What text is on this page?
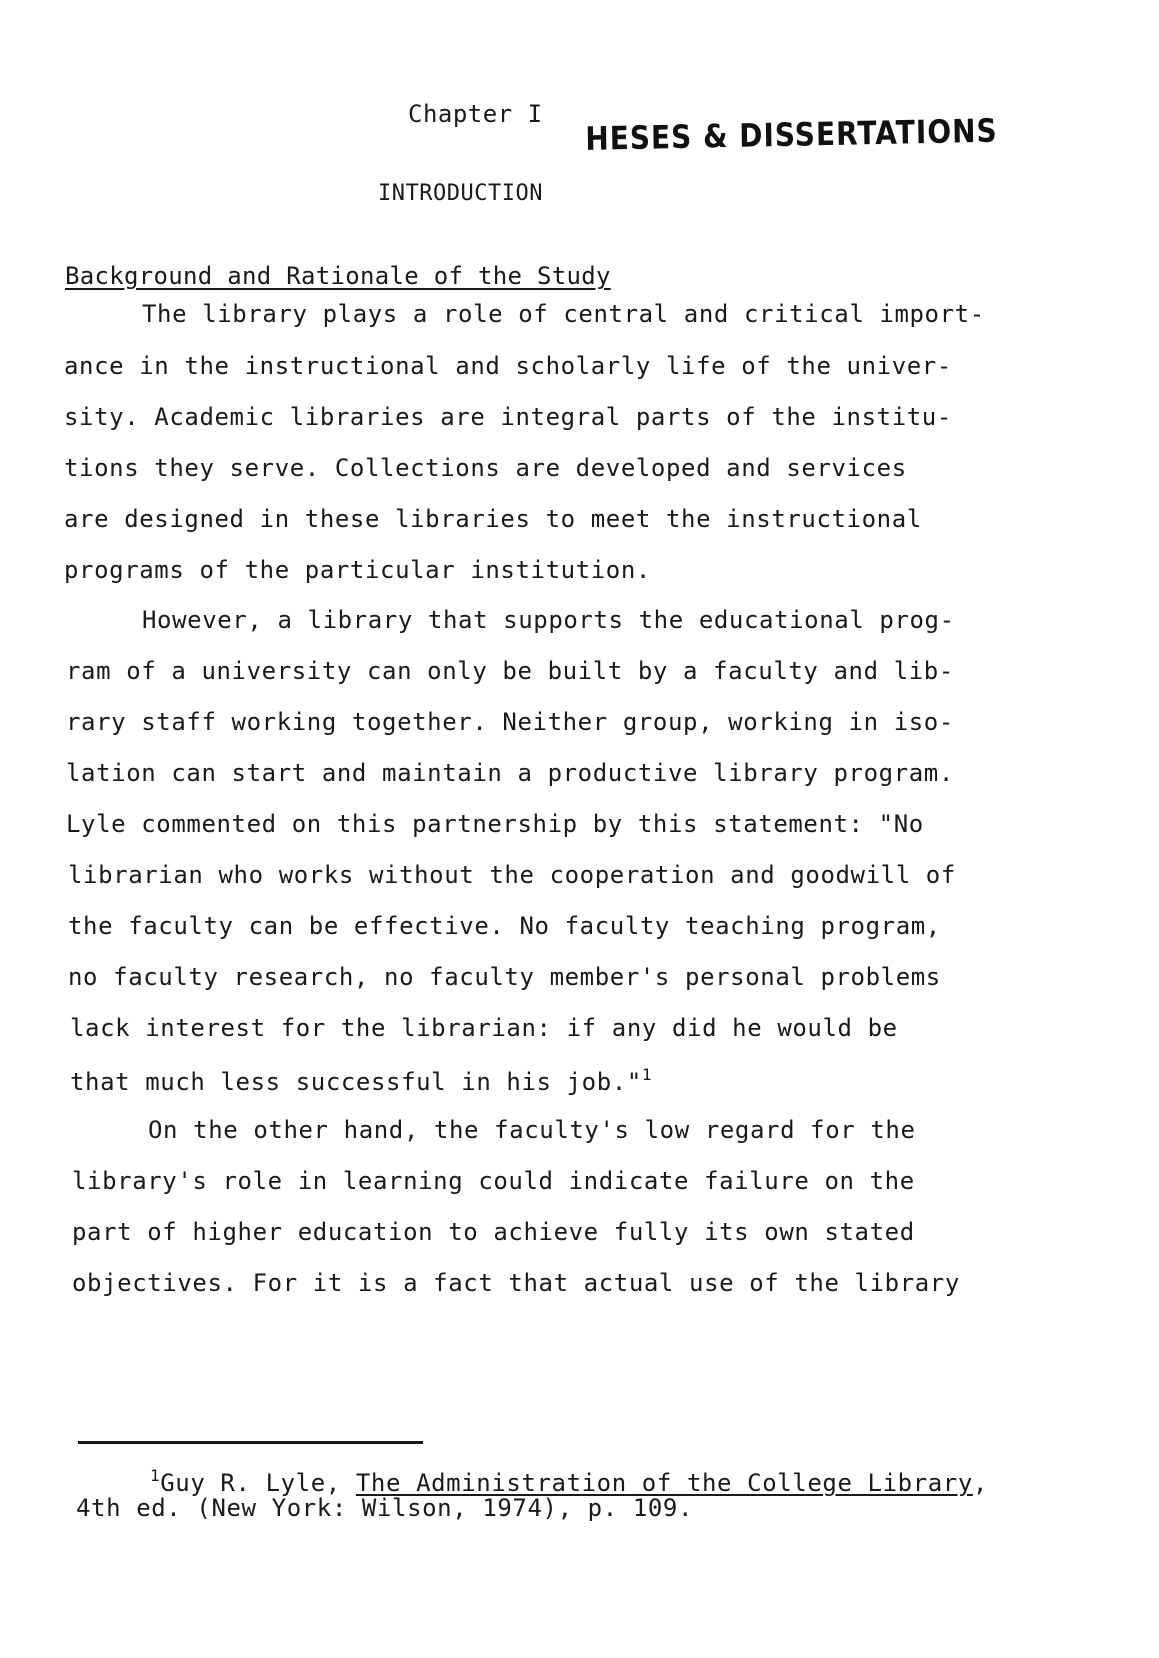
Chapter I HESES & DISSERTATIONS
INTRODUCTION
Background and Rationale of the Study
The library plays a role of central and critical import-
ance in the instructional and scholarly life of the univer-
sity. Academic libraries are integral parts of the institu-
tions they serve. Collections are developed and services
are designed in these libraries to meet the instructional
programs of the particular institution.
However, a library that supports the educational prog-
ram of a university can only be built by a faculty and lib-
rary staff working together. Neither group, working in iso-
lation can start and maintain a productive library program.
Lyle commented on this partnership by this statement: "No
librarian who works without the cooperation and goodwill of
the faculty can be effective. No faculty teaching program,
no faculty research, no faculty member's personal problems
lack interest for the librarian: if any did he would be
that much less successful in his job."$^1$
On the other hand, the faculty's low regard for the
library's role in learning could indicate failure on the
part of higher education to achieve fully its own stated
objectives. For it is a fact that actual use of the library
$^1$Guy R. Lyle, The Administration of the College Library,
4th ed. (New York: Wilson, 1974), p. 109.
